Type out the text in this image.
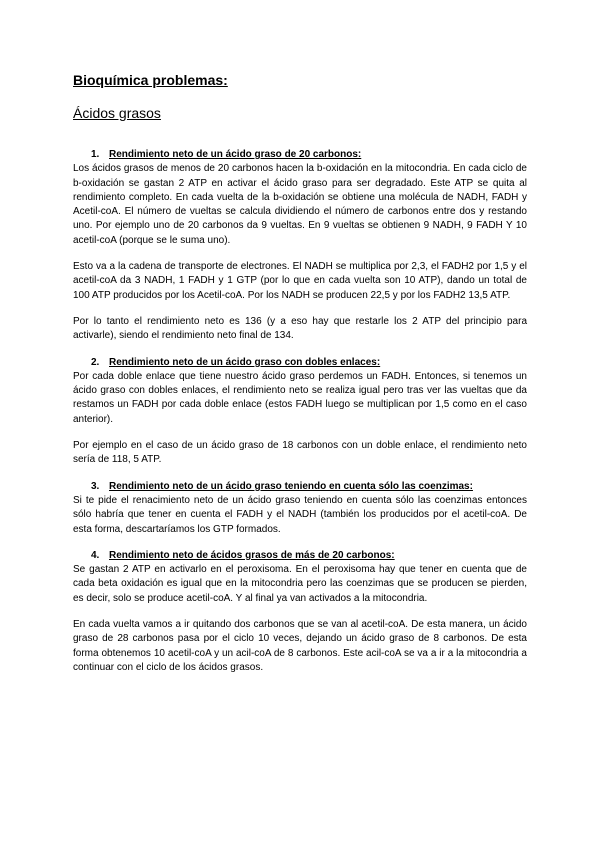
Bioquímica problemas:
Ácidos grasos
1. Rendimiento neto de un ácido graso de 20 carbonos:

Los ácidos grasos de menos de 20 carbonos hacen la b-oxidación en la mitocondria. En cada ciclo de b-oxidación se gastan 2 ATP en activar el ácido graso para ser degradado. Este ATP se quita al rendimiento completo. En cada vuelta de la b-oxidación se obtiene una molécula de NADH, FADH y Acetil-coA. El número de vueltas se calcula dividiendo el número de carbonos entre dos y restando uno. Por ejemplo uno de 20 carbonos da 9 vueltas. En 9 vueltas se obtienen 9 NADH, 9 FADH Y 10 acetil-coA (porque se le suma uno).

Esto va a la cadena de transporte de electrones. El NADH se multiplica por 2,3, el FADH2 por 1,5 y el acetil-coA da 3 NADH, 1 FADH y 1 GTP (por lo que en cada vuelta son 10 ATP), dando un total de 100 ATP producidos por los Acetil-coA. Por los NADH se producen 22,5 y por los FADH2 13,5 ATP.

Por lo tanto el rendimiento neto es 136 (y a eso hay que restarle los 2 ATP del principio para activarle), siendo el rendimiento neto final de 134.

2. Rendimiento neto de un ácido graso con dobles enlaces:

Por cada doble enlace que tiene nuestro ácido graso perdemos un FADH. Entonces, si tenemos un ácido graso con dobles enlaces, el rendimiento neto se realiza igual pero tras ver las vueltas que da restamos un FADH por cada doble enlace (estos FADH luego se multiplican por 1,5 como en el caso anterior).

Por ejemplo en el caso de un ácido graso de 18 carbonos con un doble enlace, el rendimiento neto sería de 118, 5 ATP.

3. Rendimiento neto de un ácido graso teniendo en cuenta sólo las coenzimas:

Si te pide el renacimiento neto de un ácido graso teniendo en cuenta sólo las coenzimas entonces sólo habría que tener en cuenta el FADH y el NADH (también los producidos por el acetil-coA. De esta forma, descartaríamos los GTP formados.

4. Rendimiento neto de ácidos grasos de más de 20 carbonos:

Se gastan 2 ATP en activarlo en el peroxisoma. En el peroxisoma hay que tener en cuenta que de cada beta oxidación es igual que en la mitocondria pero las coenzimas que se producen se pierden, es decir, solo se produce acetil-coA. Y al final ya van activados a la mitocondria.

En cada vuelta vamos a ir quitando dos carbonos que se van al acetil-coA. De esta manera, un ácido graso de 28 carbonos pasa por el ciclo 10 veces, dejando un ácido graso de 8 carbonos. De esta forma obtenemos 10 acetil-coA y un acil-coA de 8 carbonos. Este acil-coA se va a ir a la mitocondria a continuar con el ciclo de los ácidos grasos.
